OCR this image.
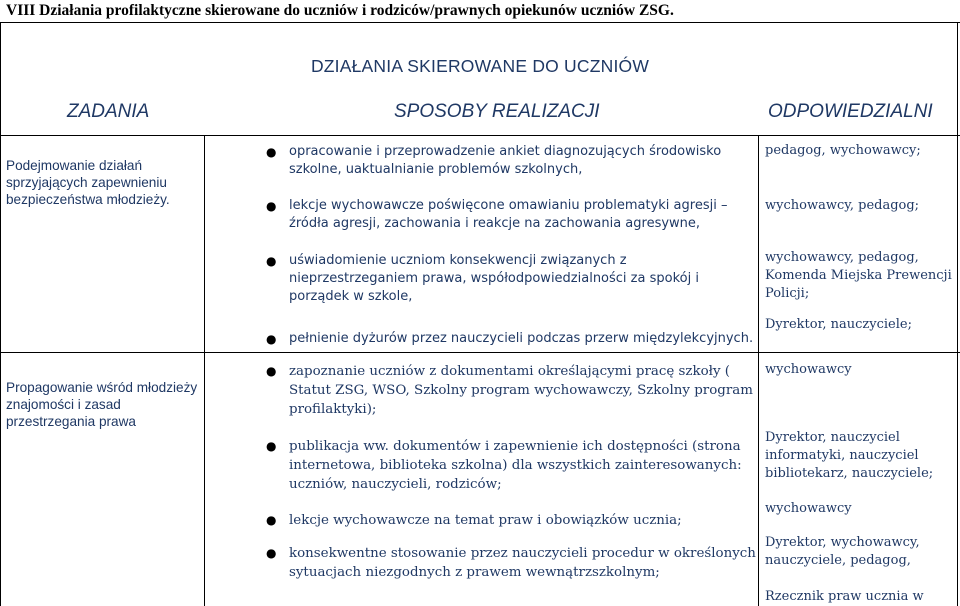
VIII Działania profilaktyczne skierowane do uczniów i rodziców/prawnych opiekunów uczniów ZSG.
DZIAŁANIA SKIEROWANE DO UCZNIÓW
ZADANIA	SPOSOBY REALIZACJI	ODPOWIEDZIALNI
Podejmowanie działań sprzyjających zapewnieniu bezpieczeństwa młodzieży.
● opracowanie i przeprowadzenie ankiet diagnozujących środowisko szkolne, uaktualnianie problemów szkolnych,
● lekcje wychowawcze poświęcone omawianiu problematyki agresji – źródła agresji, zachowania i reakcje na zachowania agresywne,
● uświadomienie uczniom konsekwencji związanych z nieprzestrzeganiem prawa, współodpowiedzialności za spokój i porządek w szkole,
● pełnienie dyżurów przez nauczycieli podczas przerw międzylekcyjnych.
pedagog, wychowawcy;
wychowawcy, pedagog;
wychowawcy, pedagog, Komenda Miejska Prewencji Policji;
Dyrektor, nauczyciele;
Propagowanie wśród młodzieży znajomości i zasad przestrzegania prawa
● zapoznanie uczniów z dokumentami określającymi pracę szkoły ( Statut ZSG, WSO, Szkolny program wychowawczy, Szkolny program profilaktyki);
● publikacja ww. dokumentów i zapewnienie ich dostępności (strona internetowa, biblioteka szkolna) dla wszystkich zainteresowanych: uczniów, nauczycieli, rodziców;
● lekcje wychowawcze na temat praw i obowiązków ucznia;
● konsekwentne stosowanie przez nauczycieli procedur w określonych sytuacjach niezgodnych z prawem wewnątrzszkolnym;
wychowawcy
Dyrektor, nauczyciel informatyki, nauczyciel bibliotekarz, nauczyciele;
wychowawcy
Dyrektor, wychowawcy, nauczyciele, pedagog,
Rzecznik praw ucznia w
